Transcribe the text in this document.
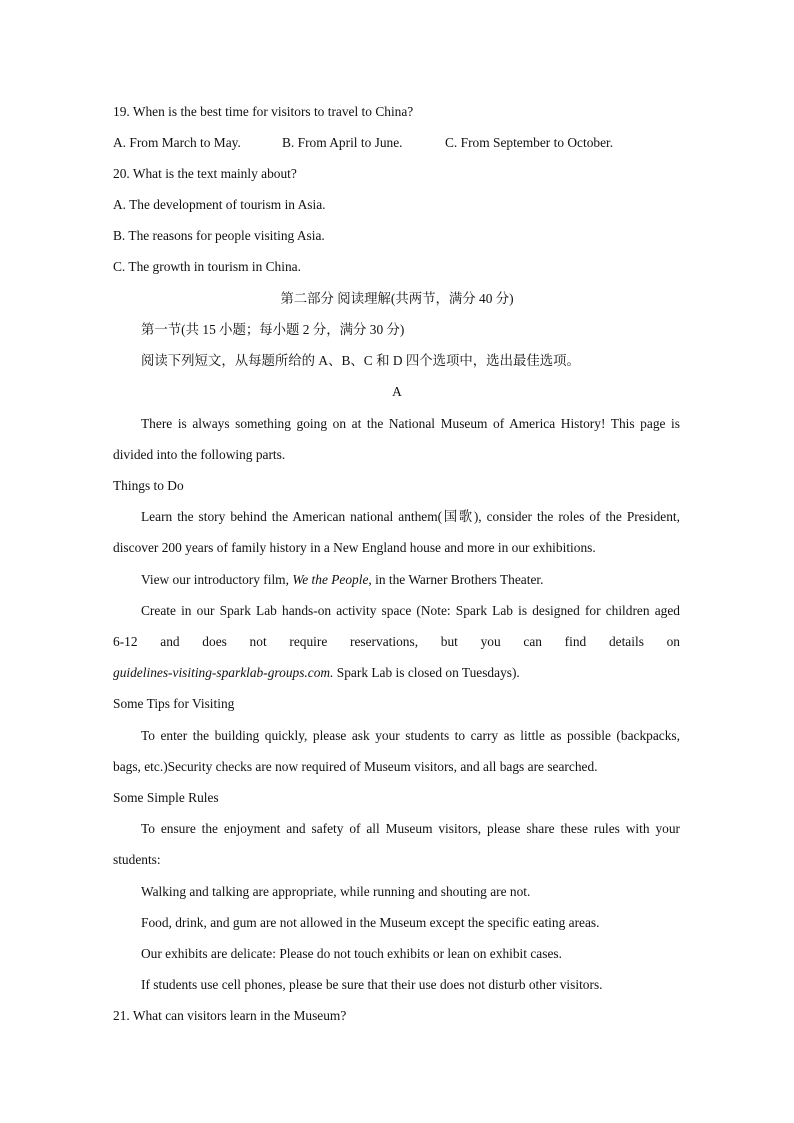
19. When is the best time for visitors to travel to China?
A. From March to May.	B. From April to June.	C. From September to October.
20. What is the text mainly about?
A. The development of tourism in Asia.
B. The reasons for people visiting Asia.
C. The growth in tourism in China.
第二部分 阅读理解(共两节，满分 40 分)
第一节(共 15 小题；每小题 2 分，满分 30 分)
阅读下列短文，从每题所给的 A、B、C 和 D 四个选项中，选出最佳选项。
A
There is always something going on at the National Museum of America History! This page is
divided into the following parts.
Things to Do
Learn the story behind the American national anthem(国歌), consider the roles of the President,
discover 200 years of family history in a New England house and more in our exhibitions.
View our introductory film, We the People, in the Warner Brothers Theater.
Create in our Spark Lab hands-on activity space (Note: Spark Lab is designed for children aged
6-12 and does not require reservations, but you can find details on
guidelines-visiting-sparklab-groups.com. Spark Lab is closed on Tuesdays).
Some Tips for Visiting
To enter the building quickly, please ask your students to carry as little as possible (backpacks,
bags, etc.)Security checks are now required of Museum visitors, and all bags are searched.
Some Simple Rules
To ensure the enjoyment and safety of all Museum visitors, please share these rules with your
students:
Walking and talking are appropriate, while running and shouting are not.
Food, drink, and gum are not allowed in the Museum except the specific eating areas.
Our exhibits are delicate: Please do not touch exhibits or lean on exhibit cases.
If students use cell phones, please be sure that their use does not disturb other visitors.
21. What can visitors learn in the Museum?
